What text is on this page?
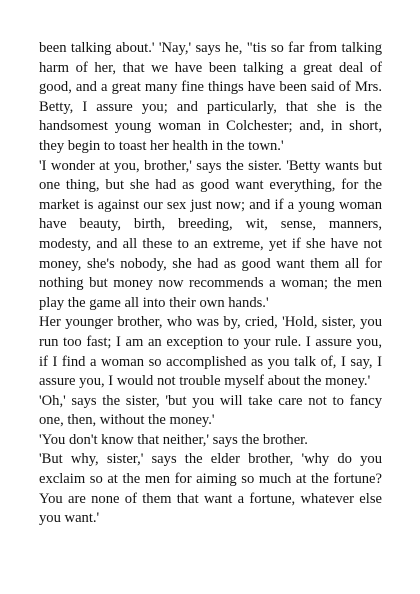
been talking about.' 'Nay,' says he, "tis so far from talking harm of her, that we have been talking a great deal of good, and a great many fine things have been said of Mrs. Betty, I assure you; and particularly, that she is the handsomest young woman in Colchester; and, in short, they begin to toast her health in the town.'

'I wonder at you, brother,' says the sister. 'Betty wants but one thing, but she had as good want everything, for the market is against our sex just now; and if a young woman have beauty, birth, breeding, wit, sense, manners, modesty, and all these to an extreme, yet if she have not money, she's nobody, she had as good want them all for nothing but money now recommends a woman; the men play the game all into their own hands.'

Her younger brother, who was by, cried, 'Hold, sister, you run too fast; I am an exception to your rule. I assure you, if I find a woman so accomplished as you talk of, I say, I assure you, I would not trouble myself about the money.'

'Oh,' says the sister, 'but you will take care not to fancy one, then, without the money.'

'You don't know that neither,' says the brother.

'But why, sister,' says the elder brother, 'why do you exclaim so at the men for aiming so much at the fortune? You are none of them that want a fortune, whatever else you want.'
